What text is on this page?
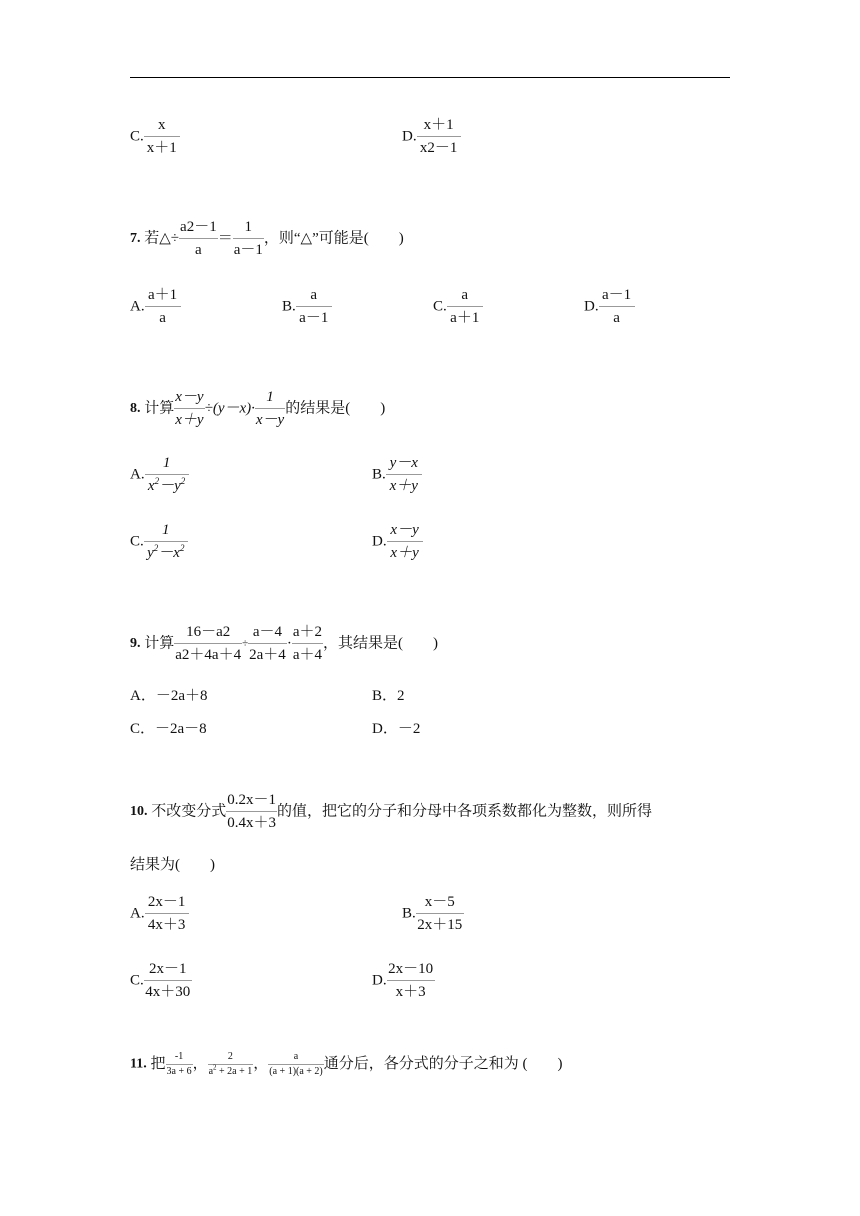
C. $\frac{x}{x+1}$	D. $\frac{x+1}{x2-1}$
7. 若△÷ $\frac{a2-1}{a} = \frac{1}{a-1}$ ，则“△”可能是(　　)
A. $\frac{a+1}{a}$	B. $\frac{a}{a-1}$	C. $\frac{a}{a+1}$	D. $\frac{a-1}{a}$
8. 计算 $\frac{x-y}{x+y} \div(y-x)\cdot \frac{1}{x-y}$ 的结果是(　　)
A. $\frac{1}{x^2-y^2}$	B. $\frac{y-x}{x+y}$
C. $\frac{1}{y^2-x^2}$	D. $\frac{x-y}{x+y}$
9. 计算 $\frac{16-a2}{a2+4a+4} \div \frac{a-4}{2a+4} \cdot \frac{a+2}{a+4}$ ，其结果是(　　)
A．－2a＋8	B．2
C．－2a－8	D．－2
10. 不改变分式 $\frac{0.2x-1}{0.4x+3}$ 的值，把它的分子和分母中各项系数都化为整数，则所得
结果为(　　)
A. $\frac{2x-1}{4x+3}$	B. $\frac{x-5}{2x+15}$
C. $\frac{2x-1}{4x+30}$	D. $\frac{2x-10}{x+3}$
11. 把 $\frac{-1}{3a + 6}$ ， $\frac{2}{a^2 + 2a + 1}$ ， $\frac{a}{(a + 1)(a + 2)}$ 通分后，各分式的分子之和为 (　　)
